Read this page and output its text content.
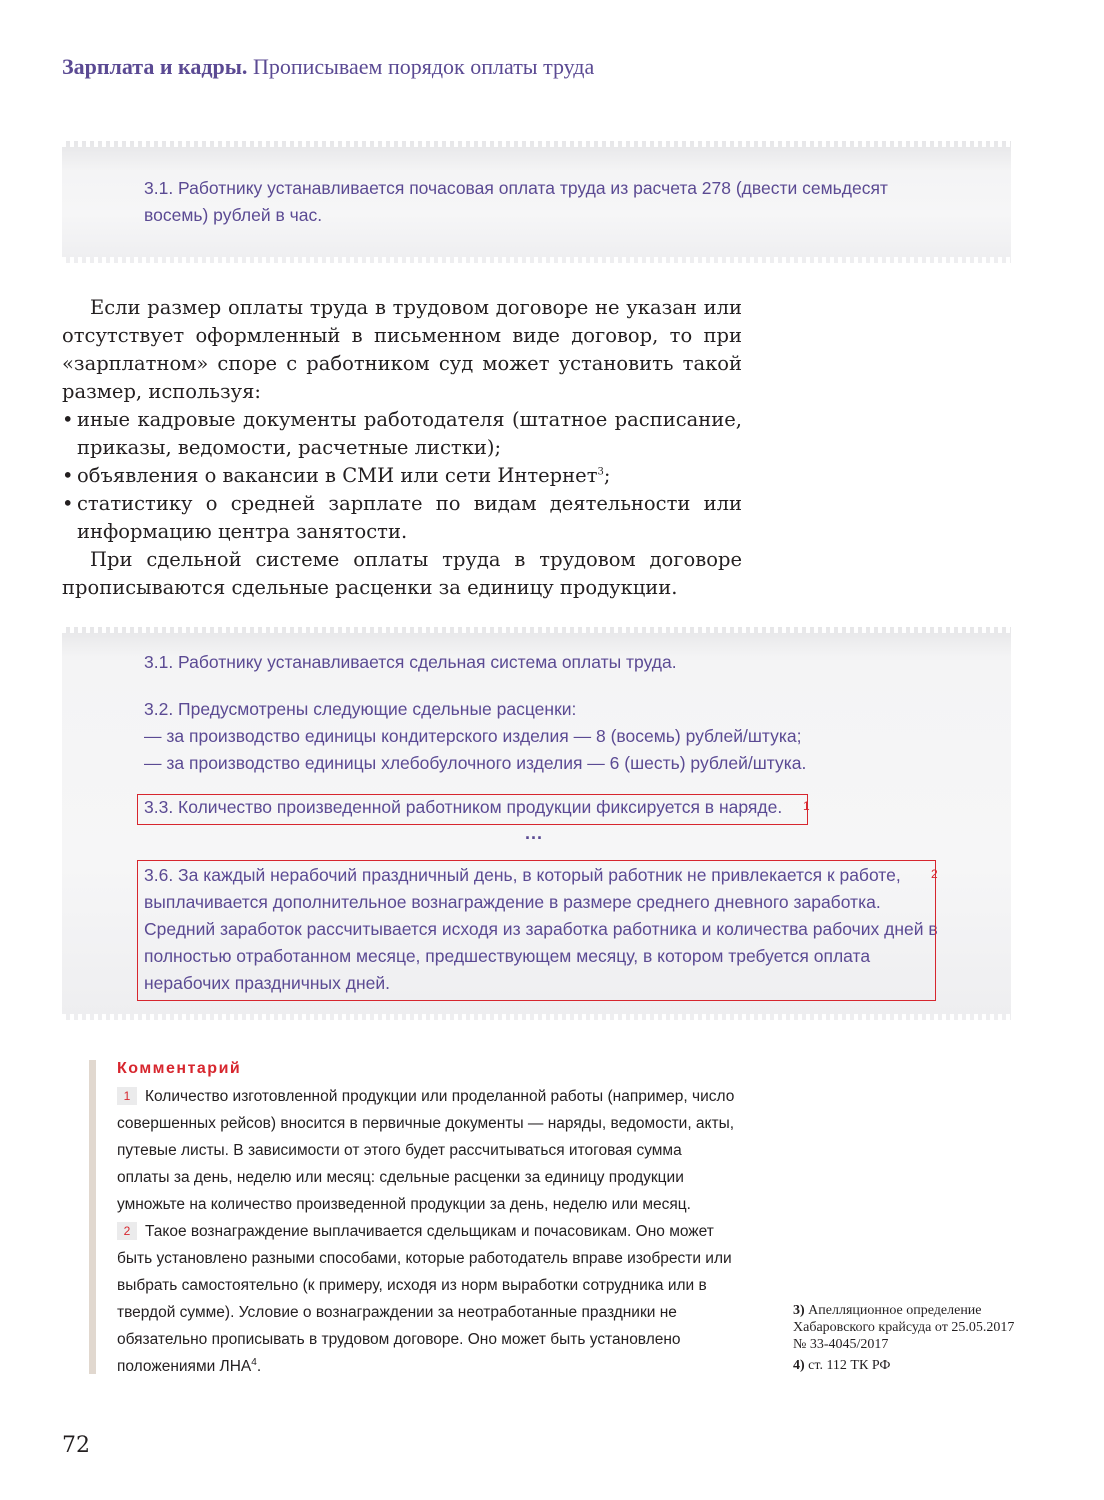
Зарплата и кадры. Прописываем порядок оплаты труда
3.1. Работнику устанавливается почасовая оплата труда из расчета 278 (двести семьдесят восемь) рублей в час.

Если размер оплаты труда в трудовом договоре не указан или отсутствует оформленный в письменном виде договор, то при «зарплатном» споре с работником суд может установить такой размер, используя:

• иные кадровые документы работодателя (штатное расписание, приказы, ведомости, расчетные листки);
• объявления о вакансии в СМИ или сети Интернет$^3$;
• статистику о средней зарплате по видам деятельности или информацию центра занятости.

При сдельной системе оплаты труда в трудовом договоре прописываются сдельные расценки за единицу продукции.

3.1. Работнику устанавливается сдельная система оплаты труда.
3.2. Предусмотрены следующие сдельные расценки:
— за производство единицы кондитерского изделия — 8 (восемь) рублей/штука;
— за производство единицы хлебобулочного изделия — 6 (шесть) рублей/штука.
3.3. Количество произведенной работником продукции фиксируется в наряде.	1
...
3.6. За каждый нерабочий праздничный день, в который работник не привлекается к работе, выплачивается дополнительное вознаграждение в размере среднего дневного заработка. Средний заработок рассчитывается исходя из заработка работника и количества рабочих дней в полностью отработанном месяце, предшествующем месяцу, в котором требуется оплата нерабочих праздничных дней.
2
Комментарий
1 Количество изготовленной продукции или проделанной работы (например, число совершенных рейсов) вносится в первичные документы — наряды, ведомости, акты, путевые листы. В зависимости от этого будет рассчитываться итоговая сумма оплаты за день, неделю или месяц: сдельные расценки за единицу продукции умножьте на количество произведенной продукции за день, неделю или месяц.
2 Такое вознаграждение выплачивается сдельщикам и почасовикам. Оно может быть установлено разными способами, которые работодатель вправе изобрести или выбрать самостоятельно (к примеру, исходя из норм выработки сотрудника или в твердой сумме). Условие о вознаграждении за неотработанные праздники не обязательно прописывать в трудовом договоре. Оно может быть установлено положениями ЛНА$^4$.

3) Апелляционное определение Хабаровского крайсуда от 25.05.2017 № 33-4045/2017

4) ст. 112 ТК РФ

72
